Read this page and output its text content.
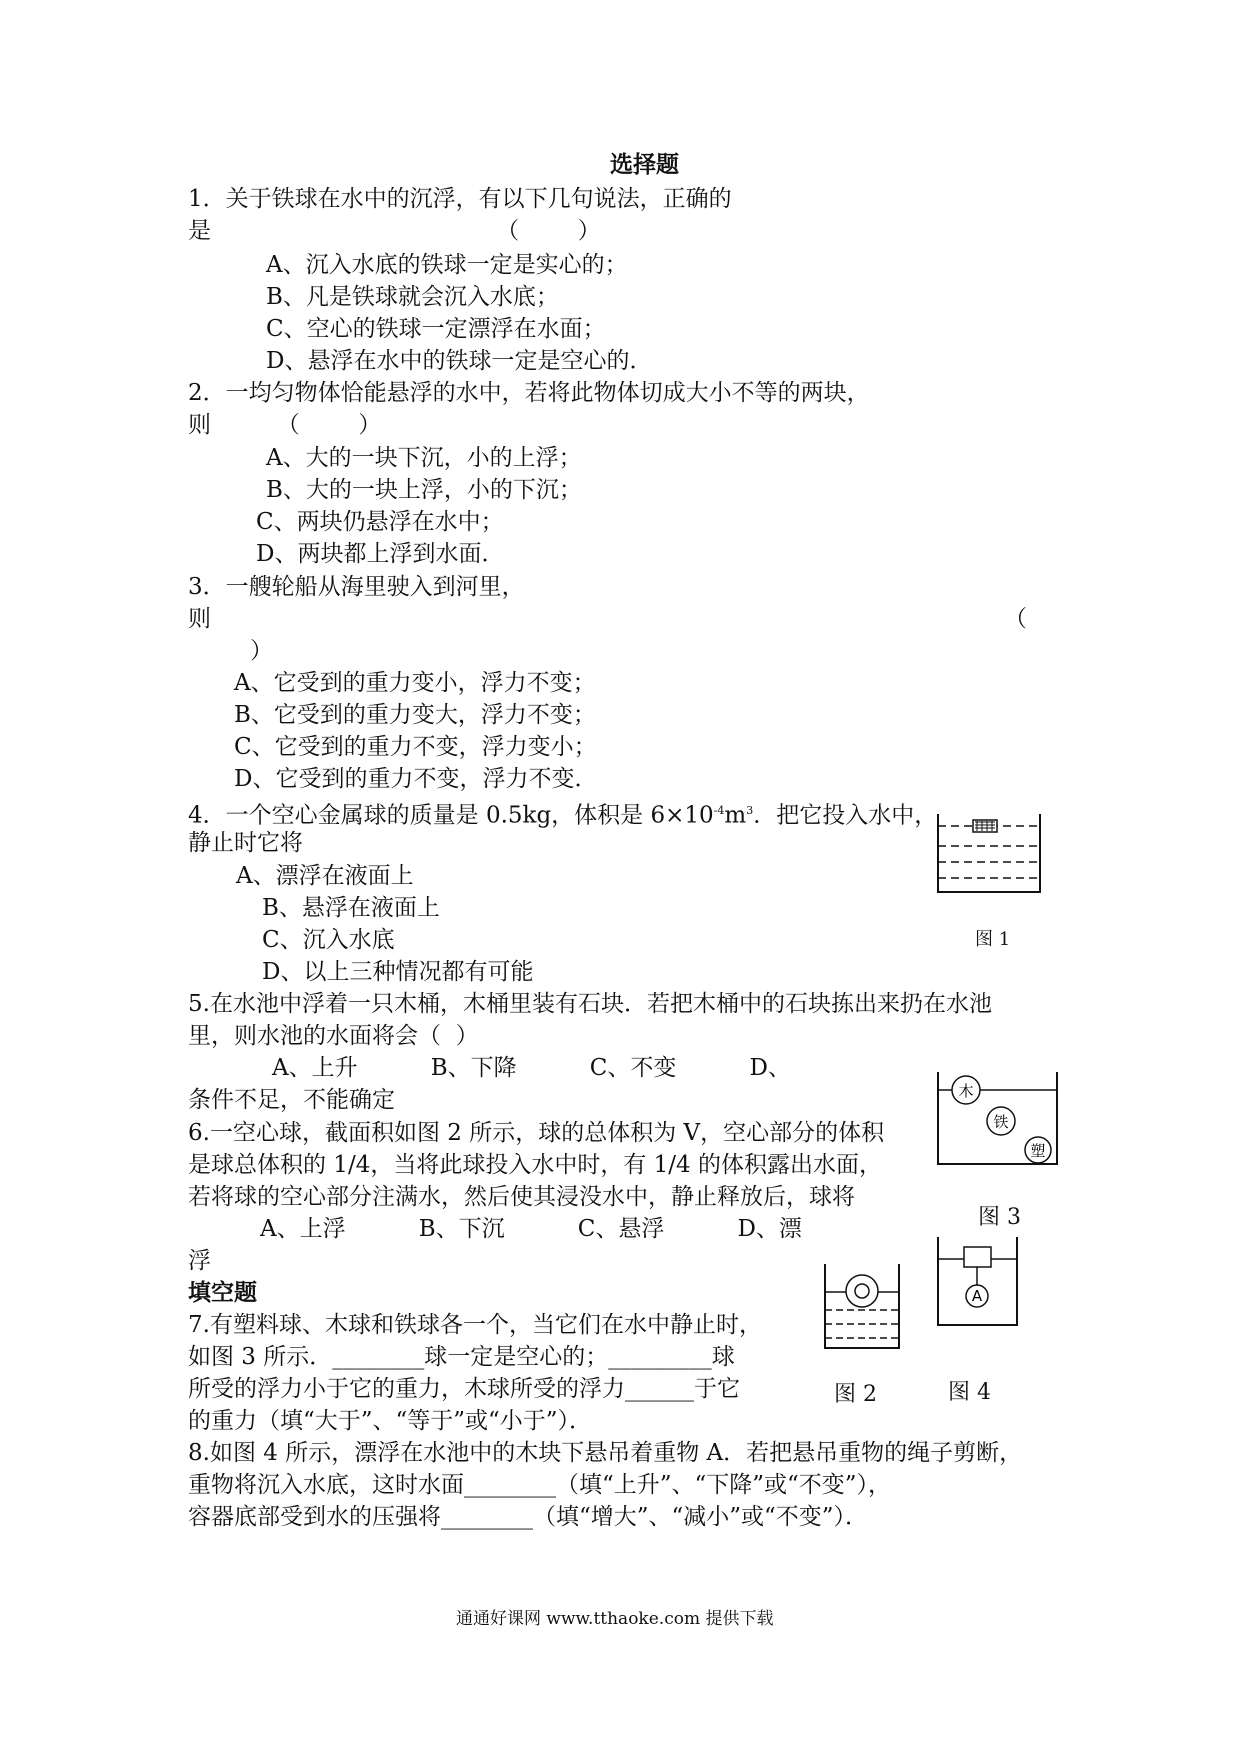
选择题
1．关于铁球在水中的沉浮，有以下几句说法，正确的
是                                       （        ）
A、沉入水底的铁球一定是实心的；
B、凡是铁球就会沉入水底；
C、空心的铁球一定漂浮在水面；
D、悬浮在水中的铁球一定是空心的．
2．一均匀物体恰能悬浮的水中，若将此物体切成大小不等的两块，
则         （        ）
A、大的一块下沉，小的上浮；
B、大的一块上浮，小的下沉；
C、两块仍悬浮在水中；
D、两块都上浮到水面．
3．一艘轮船从海里驶入到河里，
则	（
）
A、它受到的重力变小，浮力不变；
B、它受到的重力变大，浮力不变；
C、它受到的重力不变，浮力变小；
D、它受到的重力不变，浮力不变．
4．一个空心金属球的质量是 0.5kg，体积是 $6\times 10^{-4}m^3$．把它投入水中，
静止时它将
A、漂浮在液面上
B、悬浮在液面上
C、沉入水底
D、以上三种情况都有可能
图 1
5.在水池中浮着一只木桶，木桶里装有石块．若把木桶中的石块拣出来扔在水池
里，则水池的水面将会（  ）
A、上升          B、下降          C、不变          D、
条件不足，不能确定	木
铁
塑
图 3
6.一空心球，截面积如图 2 所示，球的总体积为 V，空心部分的体积
是球总体积的 1/4，当将此球投入水中时，有 1/4 的体积露出水面，
若将球的空心部分注满水，然后使其浸没水中，静止释放后，球将
A、上浮          B、下沉          C、悬浮          D、漂
浮
填空题
7.有塑料球、木球和铁球各一个，当它们在水中静止时，
如图 3 所示．________球一定是空心的；_________球
所受的浮力小于它的重力，木球所受的浮力______于它
的重力（填“大于”、“等于”或“小于”）．
图 2
A
图 4
8.如图 4 所示，漂浮在水池中的木块下悬吊着重物 A．若把悬吊重物的绳子剪断，
重物将沉入水底，这时水面________（填“上升”、“下降”或“不变”），
容器底部受到水的压强将________（填“增大”、“减小”或“不变”）．
通通好课网 www.tthaoke.com 提供下载
